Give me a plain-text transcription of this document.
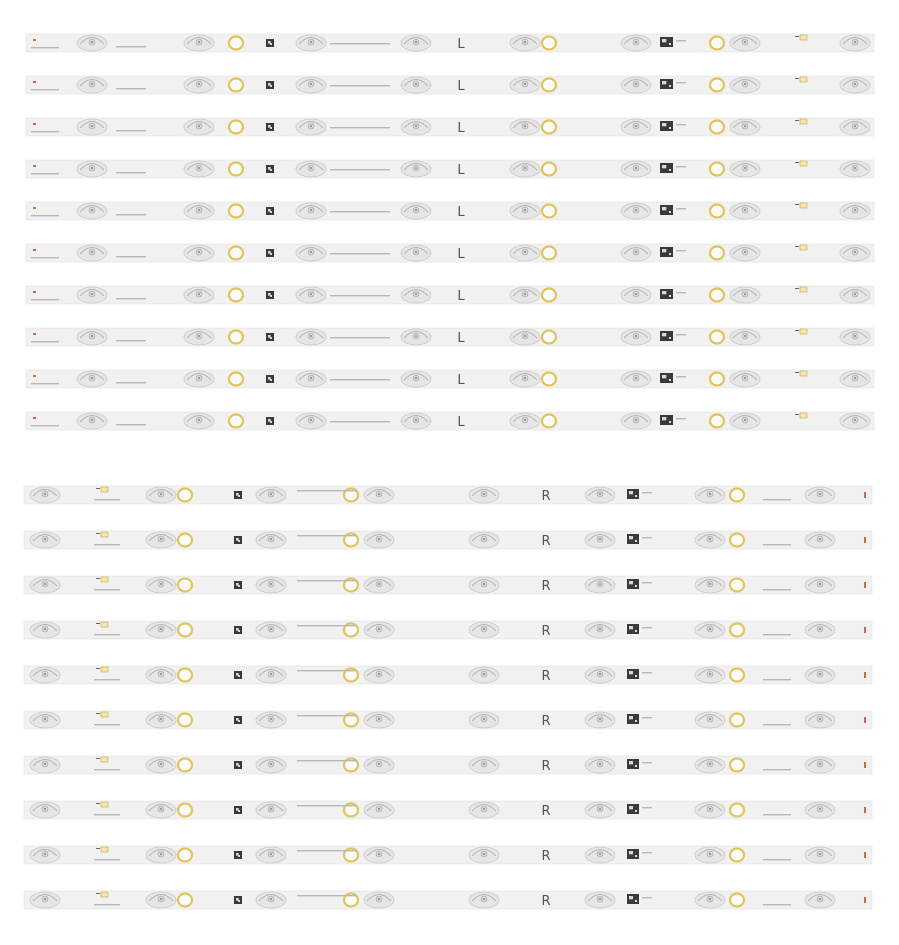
L
L
L
L
L
L
L
L
L
L
R
R
R
R
R
R
R
R
R
R
